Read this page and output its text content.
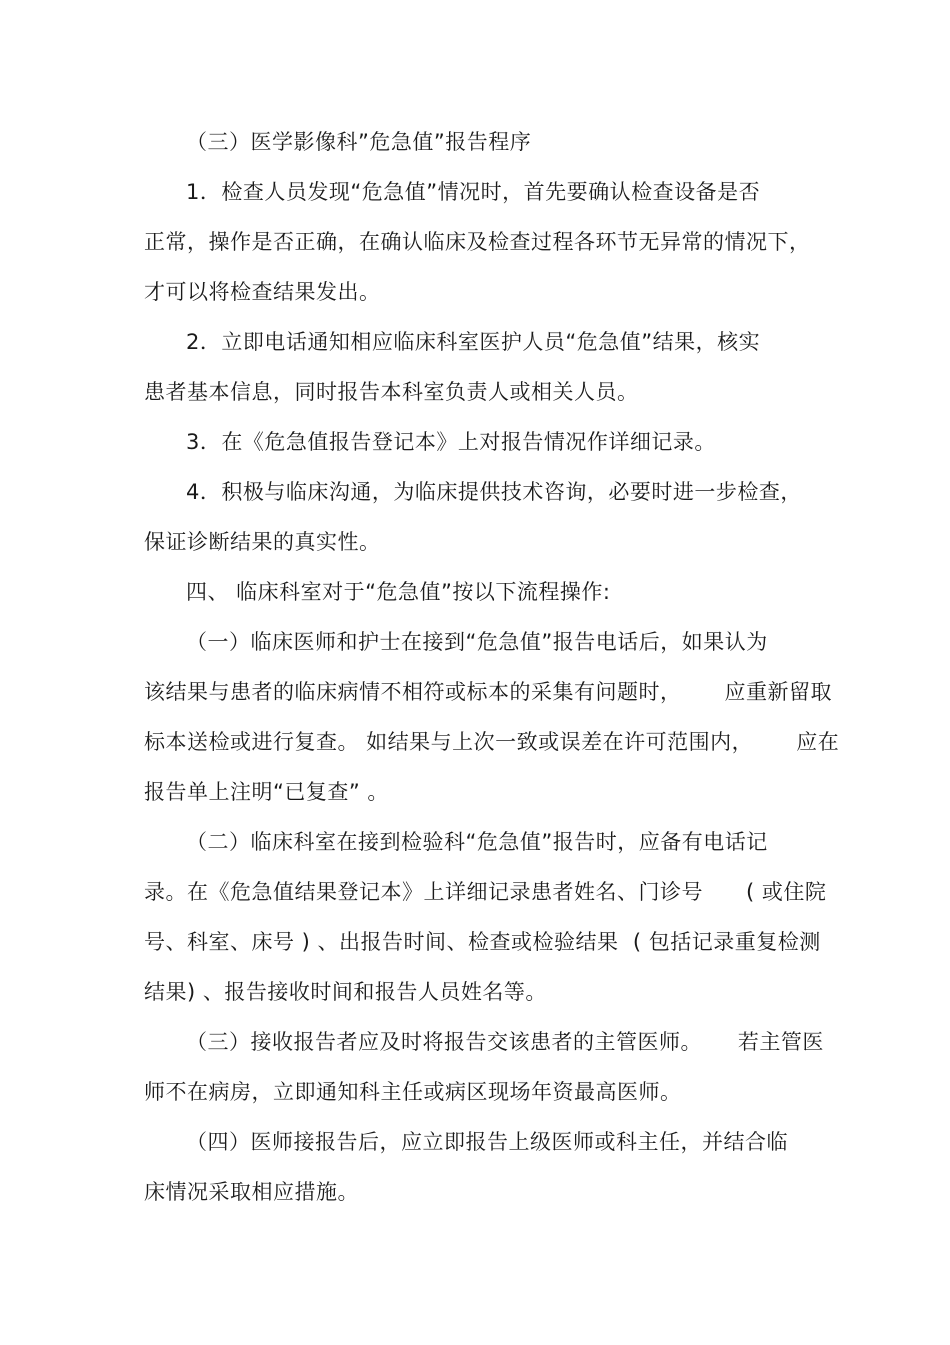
（三）医学影像科”危急值”报告程序
1．检查人员发现“危急值”情况时，首先要确认检查设备是否
正常，操作是否正确，在确认临床及检查过程各环节无异常的情况下，
才可以将检查结果发出。
2．立即电话通知相应临床科室医护人员“危急值”结果，核实
患者基本信息，同时报告本科室负责人或相关人员。
3．在《危急值报告登记本》上对报告情况作详细记录。
4．积极与临床沟通，为临床提供技术咨询，必要时进一步检查，
保证诊断结果的真实性。
四、 临床科室对于“危急值”按以下流程操作:
（一）临床医师和护士在接到“危急值”报告电话后，如果认为
该结果与患者的临床病情不相符或标本的采集有问题时，      应重新留取
标本送检或进行复查。 如结果与上次一致或误差在许可范围内，      应在
报告单上注明“已复查” 。
（二）临床科室在接到检验科“危急值”报告时，应备有电话记
录。在《危急值结果登记本》上详细记录患者姓名、门诊号      ( 或住院
号、科室、床号 ) 、出报告时间、检查或检验结果  ( 包括记录重复检测
结果) 、报告接收时间和报告人员姓名等。
（三）接收报告者应及时将报告交该患者的主管医师。     若主管医
师不在病房，立即通知科主任或病区现场年资最高医师。
（四）医师接报告后，应立即报告上级医师或科主任，并结合临
床情况采取相应措施。
